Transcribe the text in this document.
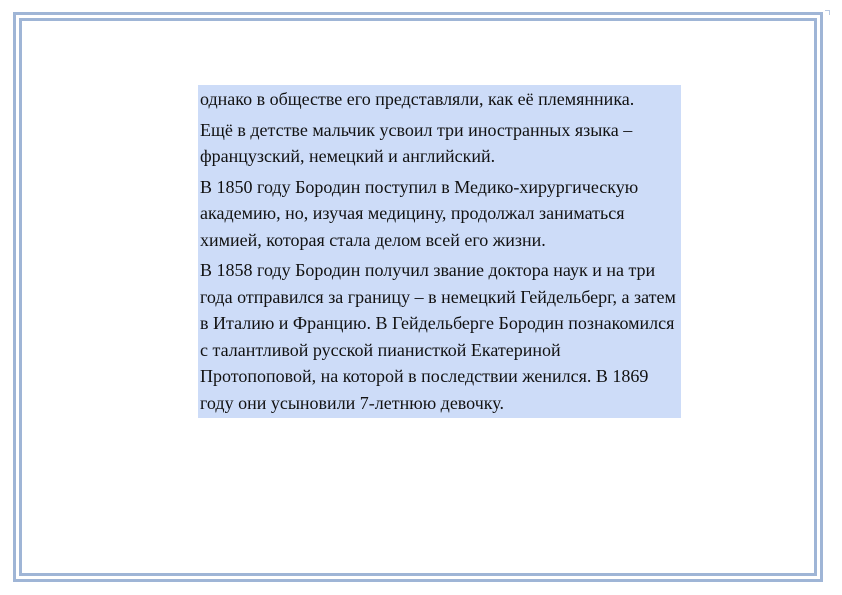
однако в обществе его представляли, как её племянника.

Ещё в детстве мальчик усвоил три иностранных языка – французский, немецкий и английский.

В 1850 году Бородин поступил в Медико-хирургическую академию, но, изучая медицину, продолжал заниматься химией, которая стала делом всей его жизни.

В 1858 году Бородин получил звание доктора наук и на три года отправился за границу – в немецкий Гейдельберг, а затем в Италию и Францию. В Гейдельберге Бородин познакомился с талантливой русской пианисткой Екатериной Протопоповой, на которой в последствии женился. В 1869 году они усыновили 7-летнюю девочку.
